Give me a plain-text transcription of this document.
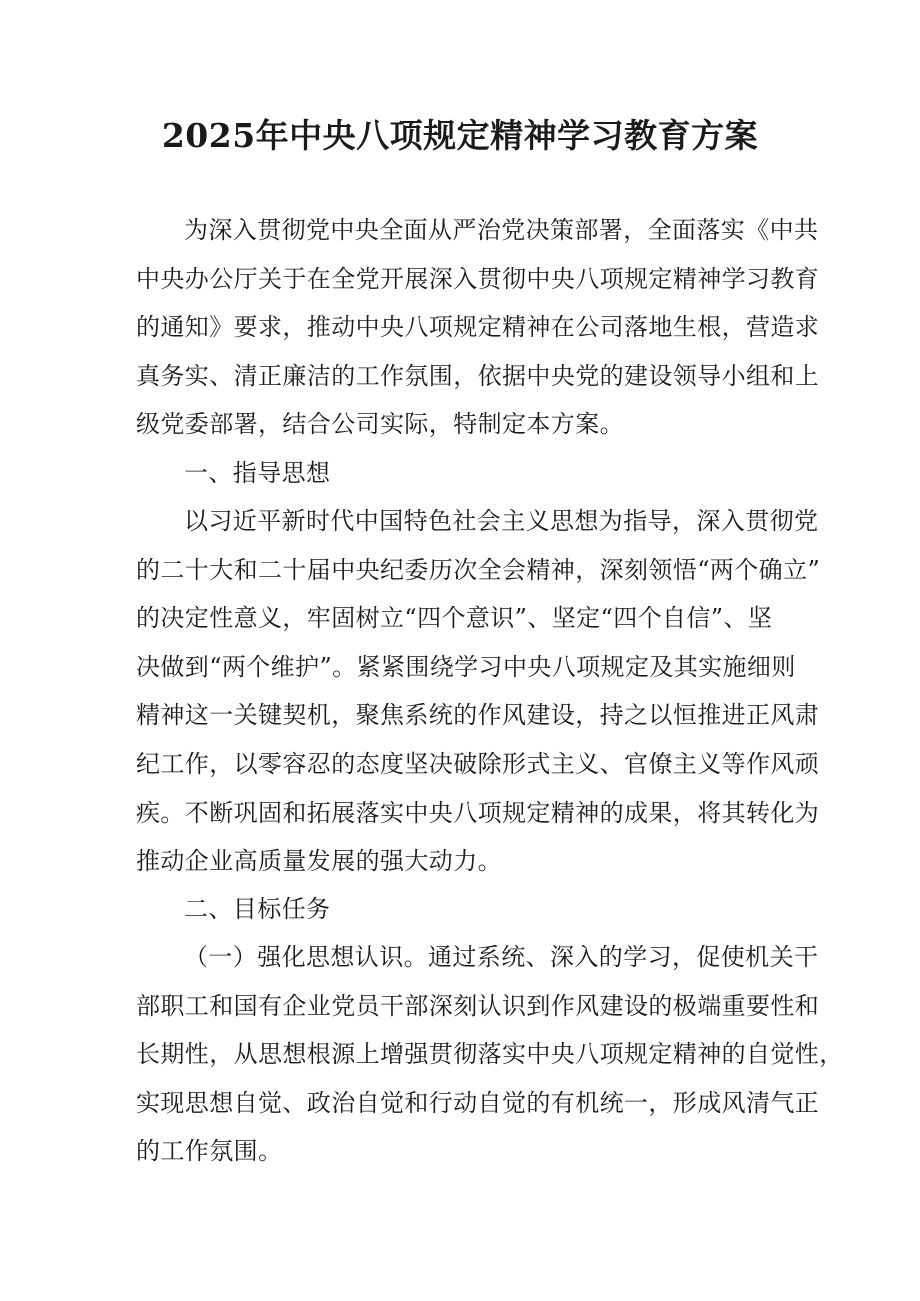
2025年中央八项规定精神学习教育方案
为深入贯彻党中央全面从严治党决策部署，全面落实《中共
中央办公厅关于在全党开展深入贯彻中央八项规定精神学习教育
的通知》要求，推动中央八项规定精神在公司落地生根，营造求
真务实、清正廉洁的工作氛围，依据中央党的建设领导小组和上
级党委部署，结合公司实际，特制定本方案。
一、指导思想
以习近平新时代中国特色社会主义思想为指导，深入贯彻党
的二十大和二十届中央纪委历次全会精神，深刻领悟“两个确立”
的决定性意义，牢固树立“四个意识”、坚定“四个自信”、坚
决做到“两个维护”。紧紧围绕学习中央八项规定及其实施细则
精神这一关键契机，聚焦系统的作风建设，持之以恒推进正风肃
纪工作，以零容忍的态度坚决破除形式主义、官僚主义等作风顽
疾。不断巩固和拓展落实中央八项规定精神的成果，将其转化为
推动企业高质量发展的强大动力。
二、目标任务
（一）强化思想认识。通过系统、深入的学习，促使机关干
部职工和国有企业党员干部深刻认识到作风建设的极端重要性和
长期性，从思想根源上增强贯彻落实中央八项规定精神的自觉性，
实现思想自觉、政治自觉和行动自觉的有机统一，形成风清气正
的工作氛围。
